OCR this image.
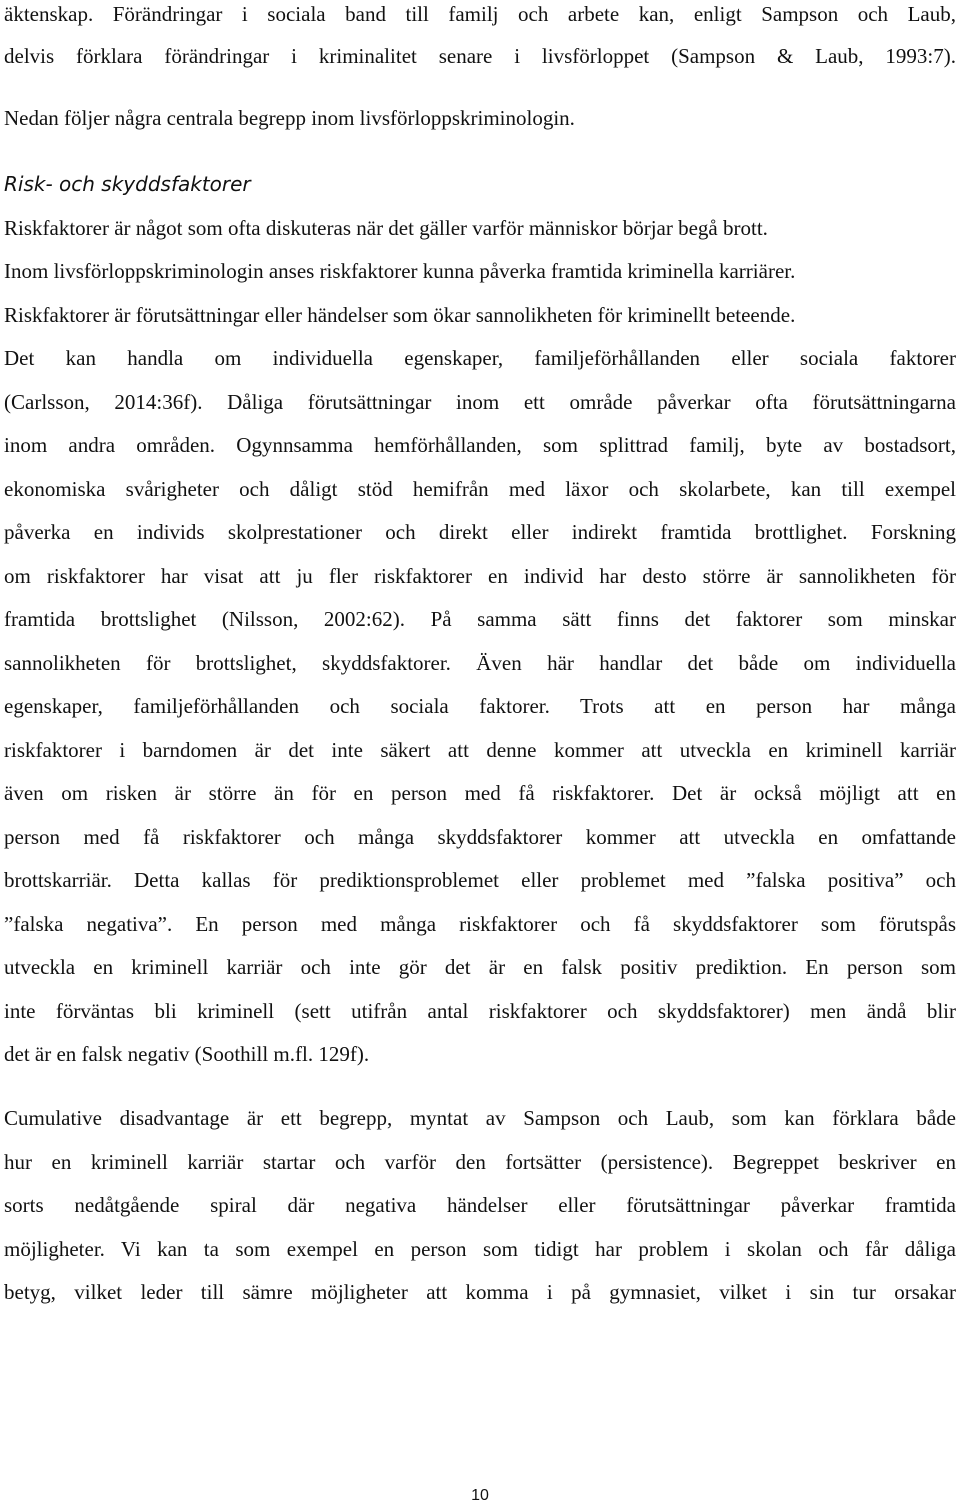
äktenskap. Förändringar i sociala band till familj och arbete kan, enligt Sampson och Laub,
delvis förklara förändringar i kriminalitet senare i livsförloppet (Sampson & Laub, 1993:7).
Nedan följer några centrala begrepp inom livsförloppskriminologin.
Risk- och skyddsfaktorer
Riskfaktorer är något som ofta diskuteras när det gäller varför människor börjar begå brott.
Inom livsförloppskriminologin anses riskfaktorer kunna påverka framtida kriminella karriärer.
Riskfaktorer är förutsättningar eller händelser som ökar sannolikheten för kriminellt beteende.
Det kan handla om individuella egenskaper, familjeförhållanden eller sociala faktorer
(Carlsson, 2014:36f). Dåliga förutsättningar inom ett område påverkar ofta förutsättningarna
inom andra områden. Ogynnsamma hemförhållanden, som splittrad familj, byte av bostadsort,
ekonomiska svårigheter och dåligt stöd hemifrån med läxor och skolarbete, kan till exempel
påverka en individs skolprestationer och direkt eller indirekt framtida brottlighet. Forskning
om riskfaktorer har visat att ju fler riskfaktorer en individ har desto större är sannolikheten för
framtida brottslighet (Nilsson, 2002:62). På samma sätt finns det faktorer som minskar
sannolikheten för brottslighet, skyddsfaktorer. Även här handlar det både om individuella
egenskaper, familjeförhållanden och sociala faktorer. Trots att en person har många
riskfaktorer i barndomen är det inte säkert att denne kommer att utveckla en kriminell karriär
även om risken är större än för en person med få riskfaktorer. Det är också möjligt att en
person med få riskfaktorer och många skyddsfaktorer kommer att utveckla en omfattande
brottskarriär. Detta kallas för prediktionsproblemet eller problemet med ”falska positiva” och
”falska negativa”. En person med många riskfaktorer och få skyddsfaktorer som förutspås
utveckla en kriminell karriär och inte gör det är en falsk positiv prediktion. En person som
inte förväntas bli kriminell (sett utifrån antal riskfaktorer och skyddsfaktorer) men ändå blir
det är en falsk negativ (Soothill m.fl. 129f).
Cumulative disadvantage är ett begrepp, myntat av Sampson och Laub, som kan förklara både
hur en kriminell karriär startar och varför den fortsätter (persistence). Begreppet beskriver en
sorts nedåtgående spiral där negativa händelser eller förutsättningar påverkar framtida
möjligheter. Vi kan ta som exempel en person som tidigt har problem i skolan och får dåliga
betyg, vilket leder till sämre möjligheter att komma i på gymnasiet, vilket i sin tur orsakar
10
